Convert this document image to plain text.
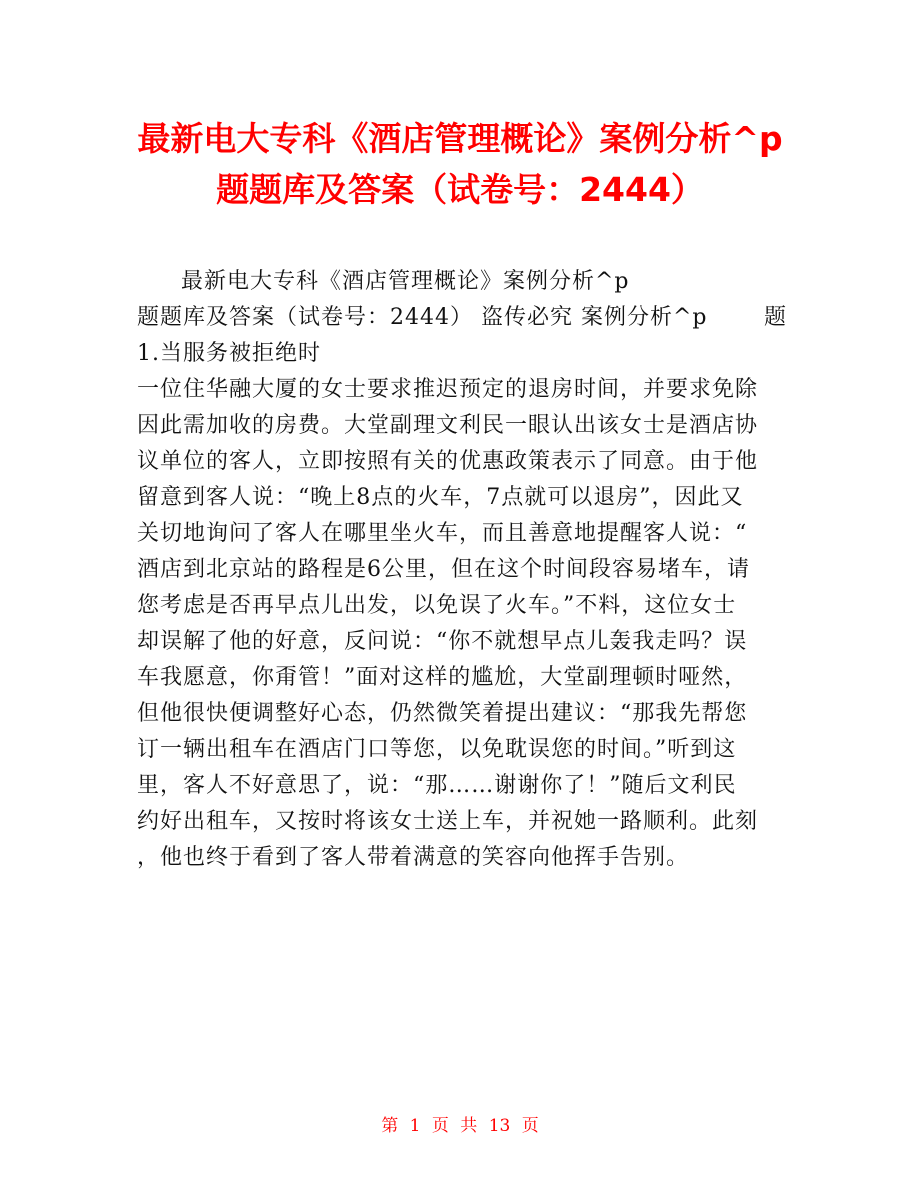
最新电大专科《酒店管理概论》案例分析^p
题题库及答案（试卷号：2444）
最新电大专科《酒店管理概论》案例分析^p
题题库及答案（试卷号：2444） 盗传必究 案例分析^p	题
1.当服务被拒绝时
一位住华融大厦的女士要求推迟预定的退房时间，并要求免除
因此需加收的房费。大堂副理文利民一眼认出该女士是酒店协
议单位的客人，立即按照有关的优惠政策表示了同意。由于他
留意到客人说：“晚上8点的火车，7点就可以退房”，因此又
关切地询问了客人在哪里坐火车，而且善意地提醒客人说：“
酒店到北京站的路程是6公里，但在这个时间段容易堵车，请
您考虑是否再早点儿出发，以免误了火车。”不料，这位女士
却误解了他的好意，反问说：“你不就想早点儿轰我走吗？误
车我愿意，你甭管！”面对这样的尴尬，大堂副理顿时哑然，
但他很快便调整好心态，仍然微笑着提出建议：“那我先帮您
订一辆出租车在酒店门口等您，以免耽误您的时间。”听到这
里，客人不好意思了，说：“那……谢谢你了！”随后文利民
约好出租车，又按时将该女士送上车，并祝她一路顺利。此刻
，他也终于看到了客人带着满意的笑容向他挥手告别。
第 1 页 共 13 页
